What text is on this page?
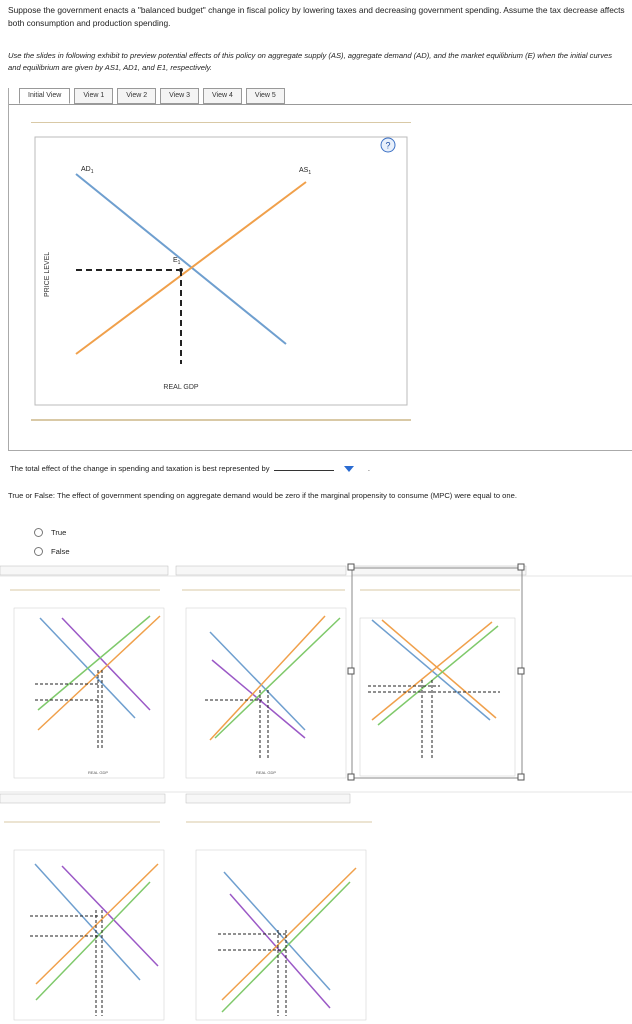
Suppose the government enacts a "balanced budget" change in fiscal policy by lowering taxes and decreasing government spending. Assume the tax decrease affects both consumption and production spending.
Use the slides in following exhibit to preview potential effects of this policy on aggregate supply (AS), aggregate demand (AD), and the market equilibrium (E) when the initial curves and equilibrium are given by AS1, AD1, and E1, respectively.
Initial View	View 1	View 2	View 3	View 4	View 5
?
$E_1$
$AD_1$	$AS_1$
PRICE LEVEL
REAL GDP
The total effect of the change in spending and taxation is best represented by	.
True or False: The effect of government spending on aggregate demand would be zero if the marginal propensity to consume (MPC) were equal to one.
True
False
REAL GDP	REAL GDP
